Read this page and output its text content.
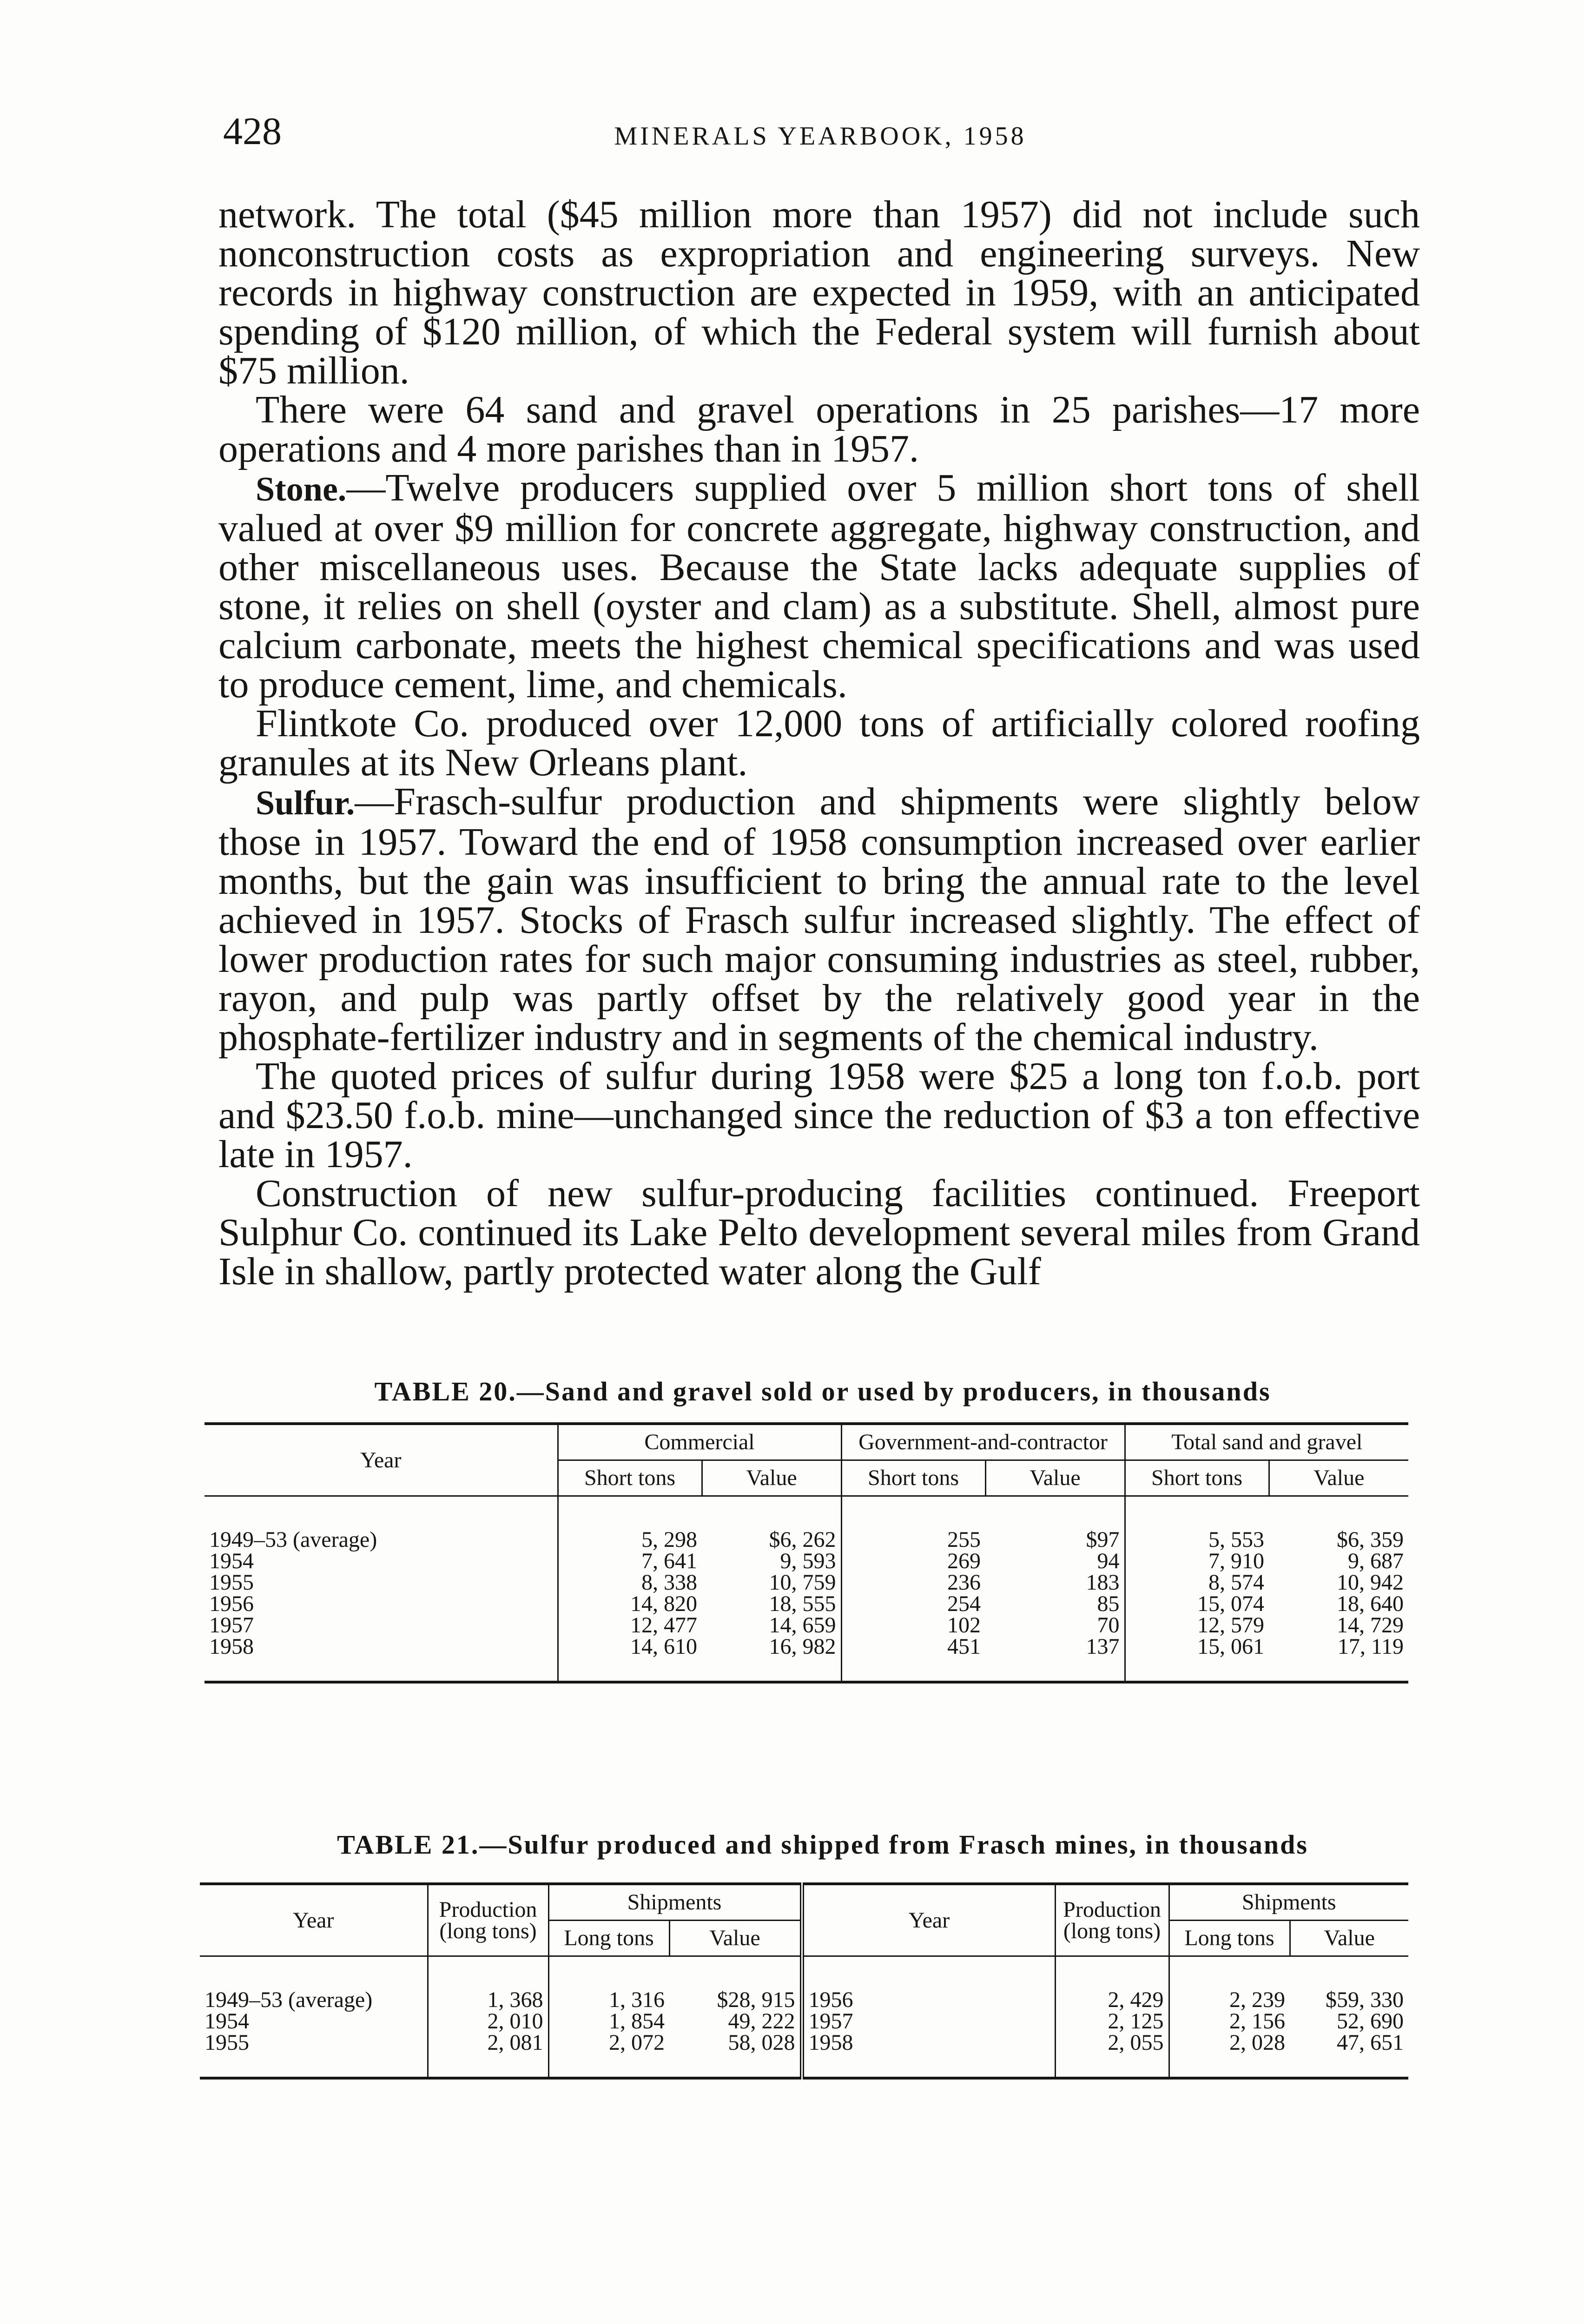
428	MINERALS YEARBOOK, 1958

network. The total ($45 million more than 1957) did not include such nonconstruction costs as expropriation and engineering surveys. New records in highway construction are expected in 1959, with an anticipated spending of $120 million, of which the Federal system will furnish about $75 million.

There were 64 sand and gravel operations in 25 parishes—17 more operations and 4 more parishes than in 1957.

Stone.—Twelve producers supplied over 5 million short tons of shell valued at over $9 million for concrete aggregate, highway construction, and other miscellaneous uses. Because the State lacks adequate supplies of stone, it relies on shell (oyster and clam) as a substitute. Shell, almost pure calcium carbonate, meets the highest chemical specifications and was used to produce cement, lime, and chemicals.

Flintkote Co. produced over 12,000 tons of artificially colored roofing granules at its New Orleans plant.

Sulfur.—Frasch-sulfur production and shipments were slightly below those in 1957. Toward the end of 1958 consumption increased over earlier months, but the gain was insufficient to bring the annual rate to the level achieved in 1957. Stocks of Frasch sulfur increased slightly. The effect of lower production rates for such major consuming industries as steel, rubber, rayon, and pulp was partly offset by the relatively good year in the phosphate-fertilizer industry and in segments of the chemical industry.

The quoted prices of sulfur during 1958 were $25 a long ton f.o.b. port and $23.50 f.o.b. mine—unchanged since the reduction of $3 a ton effective late in 1957.

Construction of new sulfur-producing facilities continued. Freeport Sulphur Co. continued its Lake Pelto development several miles from Grand Isle in shallow, partly protected water along the Gulf

TABLE 20.—Sand and gravel sold or used by producers, in thousands
Year	Commercial		Government-and-contractor		Total sand and gravel	
	Short tons	Value	Short tons	Value	Short tons	Value
1949–53 (average)	5, 298	$6, 262	255	$97	5, 553	$6, 359
1954	7, 641	9, 593	269	94	7, 910	9, 687
1955	8, 338	10, 759	236	183	8, 574	10, 942
1956	14, 820	18, 555	254	85	15, 074	18, 640
1957	12, 477	14, 659	102	70	12, 579	14, 729
1958	14, 610	16, 982	451	137	15, 061	17, 119
TABLE 21.—Sulfur produced and shipped from Frasch mines, in thousands
Year	Production (long tons)	Shipments		Year	Production (long tons)	Shipments	
		Long tons	Value			Long tons	Value
1949–53 (average)	1, 368	1, 316	$28, 915	1956	2, 429	2, 239	$59, 330
1954	2, 010	1, 854	49, 222	1957	2, 125	2, 156	52, 690
1955	2, 081	2, 072	58, 028	1958	2, 055	2, 028	47, 651
